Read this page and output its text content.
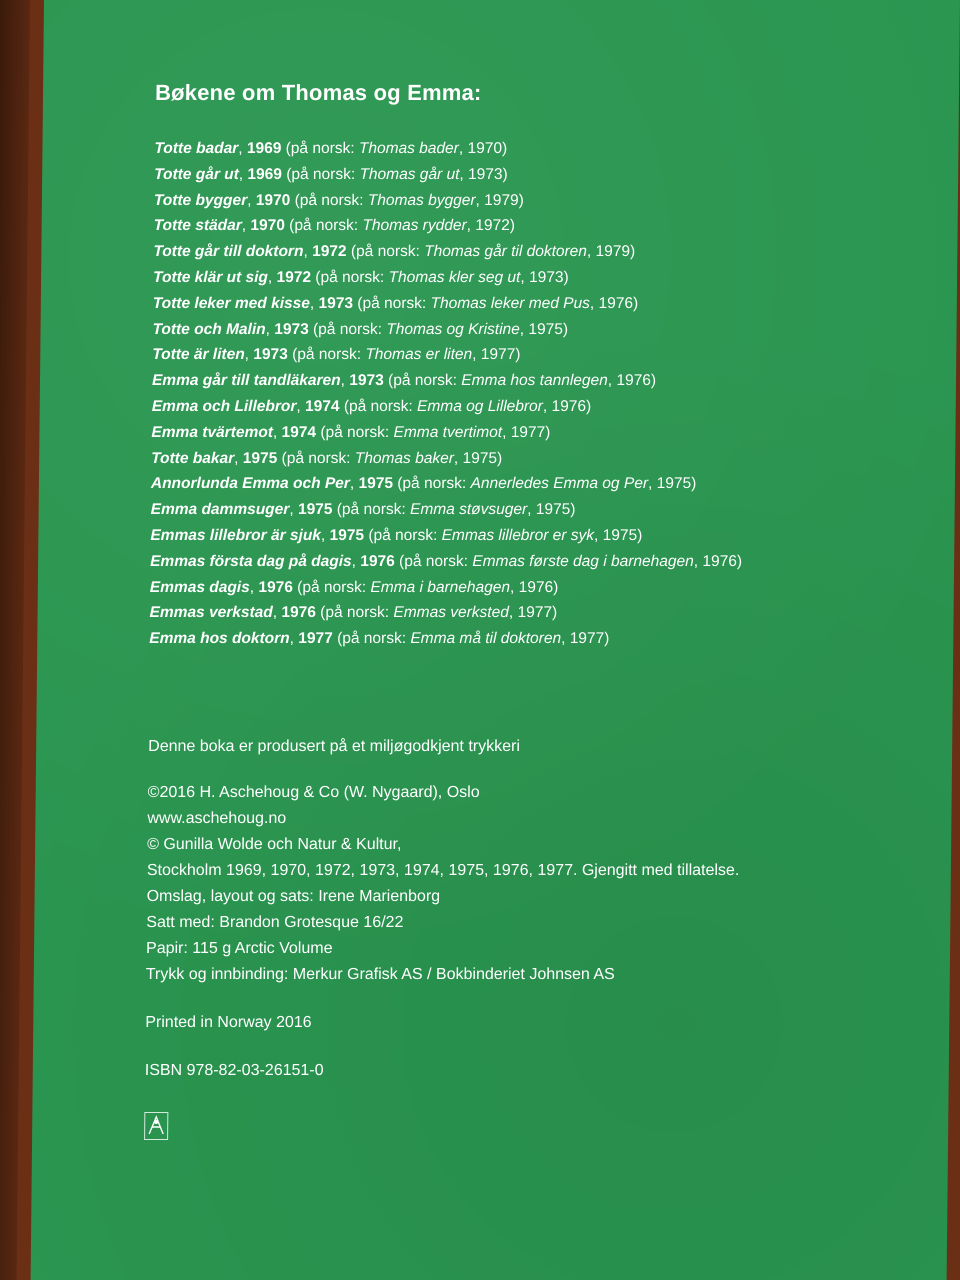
Bøkene om Thomas og Emma:
Totte badar, 1969 (på norsk: Thomas bader, 1970)
Totte går ut, 1969 (på norsk: Thomas går ut, 1973)
Totte bygger, 1970 (på norsk: Thomas bygger, 1979)
Totte städar, 1970 (på norsk: Thomas rydder, 1972)
Totte går till doktorn, 1972 (på norsk: Thomas går til doktoren, 1979)
Totte klär ut sig, 1972 (på norsk: Thomas kler seg ut, 1973)
Totte leker med kisse, 1973 (på norsk: Thomas leker med Pus, 1976)
Totte och Malin, 1973 (på norsk: Thomas og Kristine, 1975)
Totte är liten, 1973 (på norsk: Thomas er liten, 1977)
Emma går till tandläkaren, 1973 (på norsk: Emma hos tannlegen, 1976)
Emma och Lillebror, 1974 (på norsk: Emma og Lillebror, 1976)
Emma tvärtemot, 1974 (på norsk: Emma tvertimot, 1977)
Totte bakar, 1975 (på norsk: Thomas baker, 1975)
Annorlunda Emma och Per, 1975 (på norsk: Annerledes Emma og Per, 1975)
Emma dammsuger, 1975 (på norsk: Emma støvsuger, 1975)
Emmas lillebror är sjuk, 1975 (på norsk: Emmas lillebror er syk, 1975)
Emmas första dag på dagis, 1976 (på norsk: Emmas første dag i barnehagen, 1976)
Emmas dagis, 1976 (på norsk: Emma i barnehagen, 1976)
Emmas verkstad, 1976 (på norsk: Emmas verksted, 1977)
Emma hos doktorn, 1977 (på norsk: Emma må til doktoren, 1977)

Denne boka er produsert på et miljøgodkjent trykkeri

©2016 H. Aschehoug & Co (W. Nygaard), Oslo

www.aschehoug.no

© Gunilla Wolde och Natur & Kultur,

Stockholm 1969, 1970, 1972, 1973, 1974, 1975, 1976, 1977. Gjengitt med tillatelse.

Omslag, layout og sats: Irene Marienborg

Satt med: Brandon Grotesque 16/22

Papir: 115 g Arctic Volume

Trykk og innbinding: Merkur Grafisk AS / Bokbinderiet Johnsen AS

Printed in Norway 2016

ISBN 978-82-03-26151-0
